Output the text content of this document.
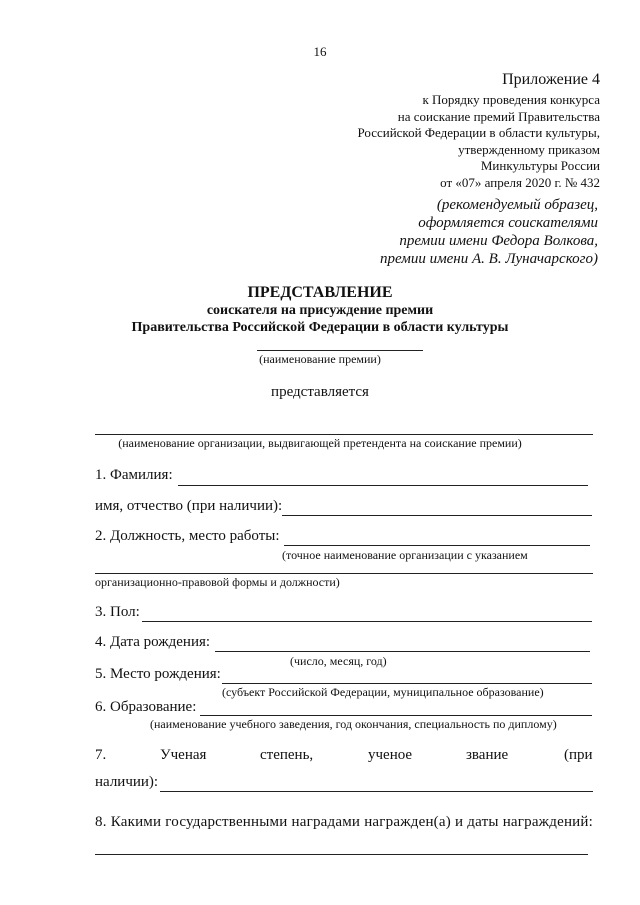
16
Приложение 4
к Порядку проведения конкурса
на соискание премий Правительства
Российской Федерации в области культуры,
утвержденному приказом
Минкультуры России
от «07» апреля 2020 г. № 432
(рекомендуемый образец,
оформляется соискателями
премии имени Федора Волкова,
премии имени А. В. Луначарского)
ПРЕДСТАВЛЕНИЕ
соискателя на присуждение премии
Правительства Российской Федерации в области культуры
(наименование премии)
представляется
(наименование организации, выдвигающей претендента на соискание премии)
1. Фамилия:
имя, отчество (при наличии):
2. Должность, место работы:
(точное наименование организации с указанием
организационно-правовой формы и должности)
3. Пол:
4. Дата рождения:
(число, месяц, год)
5. Место рождения:
(субъект Российской Федерации, муниципальное образование)
6. Образование:
(наименование учебного заведения, год окончания, специальность по диплому)
7.	Ученая	степень,	ученое	звание	(при
наличии):
8. Какими государственными наградами награжден(а) и даты награждений:
